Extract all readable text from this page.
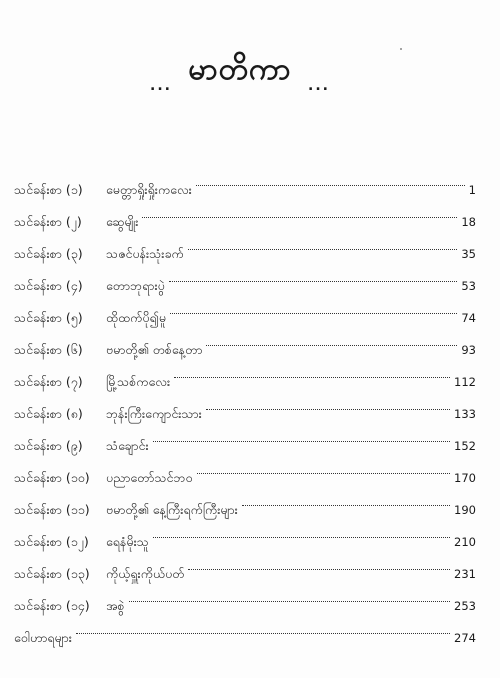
မာတိကာ
...	...
သင်ခန်းစာ (၁)	မေတ္တာရှိုးရှိုးကလေး	1
သင်ခန်းစာ (၂)	ဆွေမျိုး	18
သင်ခန်းစာ (၃)	သဇင်ပန်းသုံးခက်	35
သင်ခန်းစာ (၄)	တောဘုရားပွဲ	53
သင်ခန်းစာ (၅)	ထိုထက်ပို၍မူ	74
သင်ခန်းစာ (၆)	ဗမာတို့၏ တစ်နေ့တာ	93
သင်ခန်းစာ (၇)	မြို့သစ်ကလေး	112
သင်ခန်းစာ (၈)	ဘုန်းကြီးကျောင်းသား	133
သင်ခန်းစာ (၉)	သံချောင်း	152
သင်ခန်းစာ (၁၀)	ပညာတော်သင်ဘဝ	170
သင်ခန်းစာ (၁၁)	ဗမာတို့၏ နေ့ကြီးရက်ကြီးများ	190
သင်ခန်းစာ (၁၂)	ရေနံမိုးသူ	210
သင်ခန်းစာ (၁၃)	ကိုယ့်ရှူးကိုယ်ပတ်	231
သင်ခန်းစာ (၁၄)	အစွဲ	253
ဝေါဟာရများ	274
